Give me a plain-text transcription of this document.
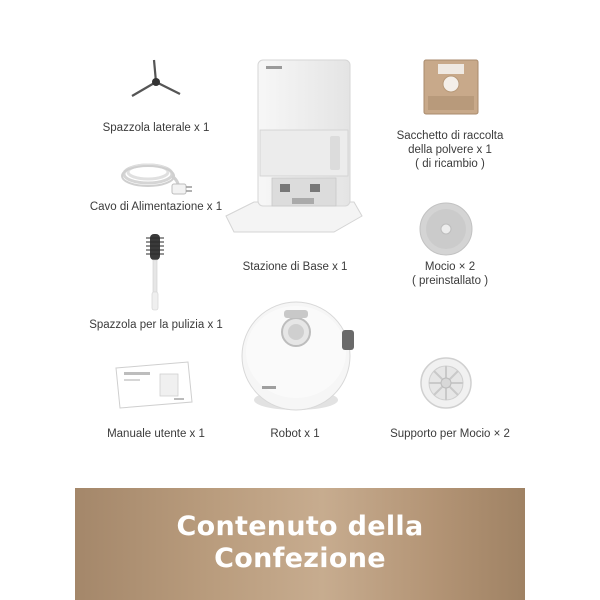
Spazzola laterale x 1
Cavo di Alimentazione x 1
Spazzola per la pulizia x 1
Manuale utente x 1
Stazione di Base x 1
Robot x 1
Sacchetto di raccolta
della polvere x 1
( di ricambio )
Mocio × 2
( preinstallato )
Supporto per Mocio × 2
Contenuto della
Confezione
